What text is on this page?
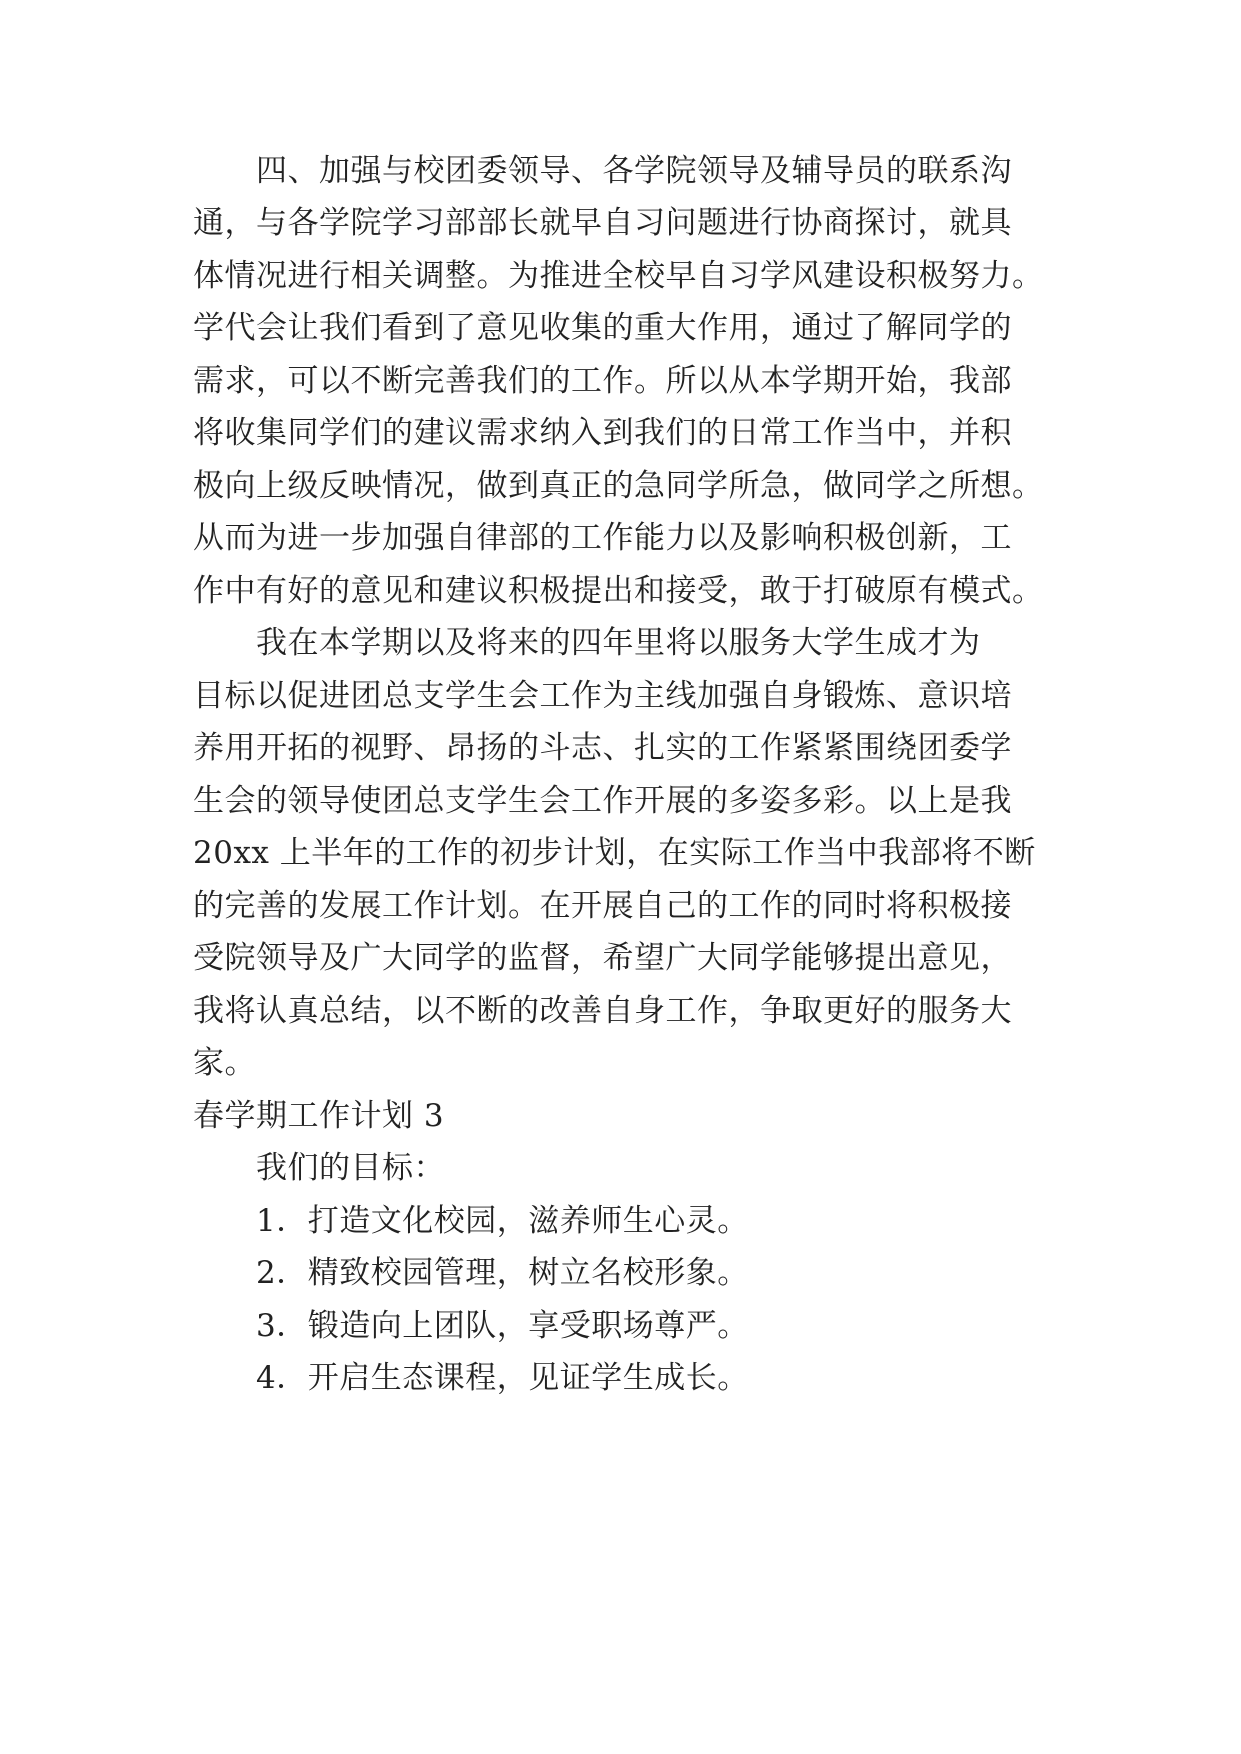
四、加强与校团委领导、各学院领导及辅导员的联系沟
通，与各学院学习部部长就早自习问题进行协商探讨，就具
体情况进行相关调整。为推进全校早自习学风建设积极努力。
学代会让我们看到了意见收集的重大作用，通过了解同学的
需求，可以不断完善我们的工作。所以从本学期开始，我部
将收集同学们的建议需求纳入到我们的日常工作当中，并积
极向上级反映情况，做到真正的急同学所急，做同学之所想。
从而为进一步加强自律部的工作能力以及影响积极创新，工
作中有好的意见和建议积极提出和接受，敢于打破原有模式。
我在本学期以及将来的四年里将以服务大学生成才为
目标以促进团总支学生会工作为主线加强自身锻炼、意识培
养用开拓的视野、昂扬的斗志、扎实的工作紧紧围绕团委学
生会的领导使团总支学生会工作开展的多姿多彩。以上是我
20xx 上半年的工作的初步计划，在实际工作当中我部将不断
的完善的发展工作计划。在开展自己的工作的同时将积极接
受院领导及广大同学的监督，希望广大同学能够提出意见，
我将认真总结，以不断的改善自身工作，争取更好的服务大
家。
春学期工作计划 3
我们的目标：
1．打造文化校园，滋养师生心灵。
2．精致校园管理，树立名校形象。
3．锻造向上团队，享受职场尊严。
4．开启生态课程，见证学生成长。
